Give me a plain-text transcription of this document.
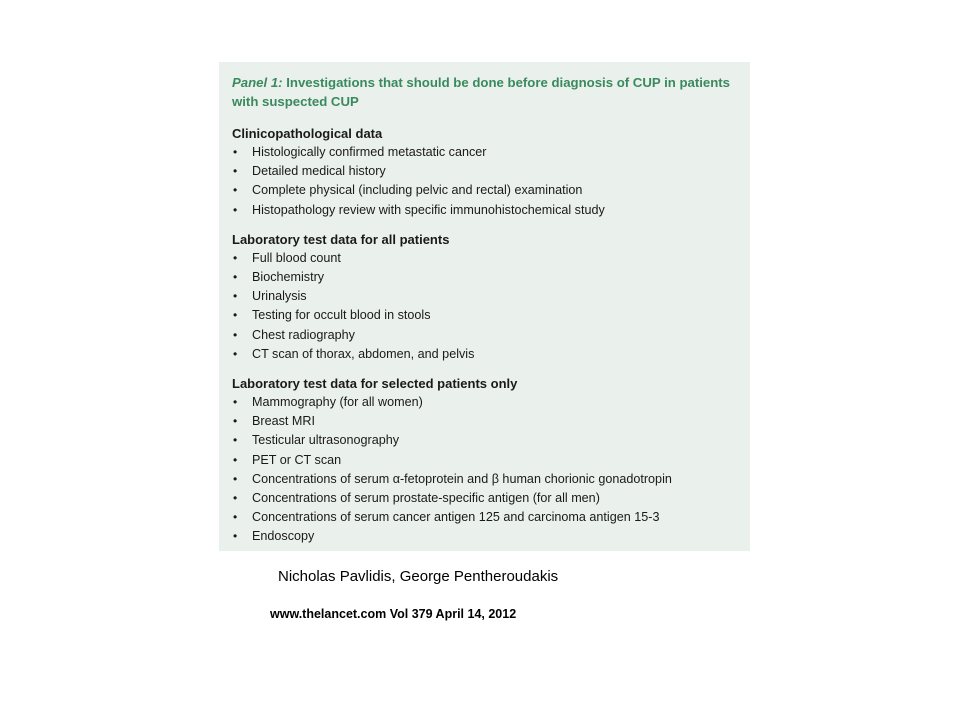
Panel 1: Investigations that should be done before diagnosis of CUP in patients with suspected CUP
Clinicopathological data
• Histologically confirmed metastatic cancer
• Detailed medical history
• Complete physical (including pelvic and rectal) examination
• Histopathology review with specific immunohistochemical study
Laboratory test data for all patients
• Full blood count
• Biochemistry
• Urinalysis
• Testing for occult blood in stools
• Chest radiography
• CT scan of thorax, abdomen, and pelvis
Laboratory test data for selected patients only
• Mammography (for all women)
• Breast MRI
• Testicular ultrasonography
• PET or CT scan
• Concentrations of serum α-fetoprotein and β human chorionic gonadotropin
• Concentrations of serum prostate-specific antigen (for all men)
• Concentrations of serum cancer antigen 125 and carcinoma antigen 15-3
• Endoscopy
Nicholas Pavlidis, George Pentheroudakis
www.thelancet.com Vol 379 April 14, 2012
